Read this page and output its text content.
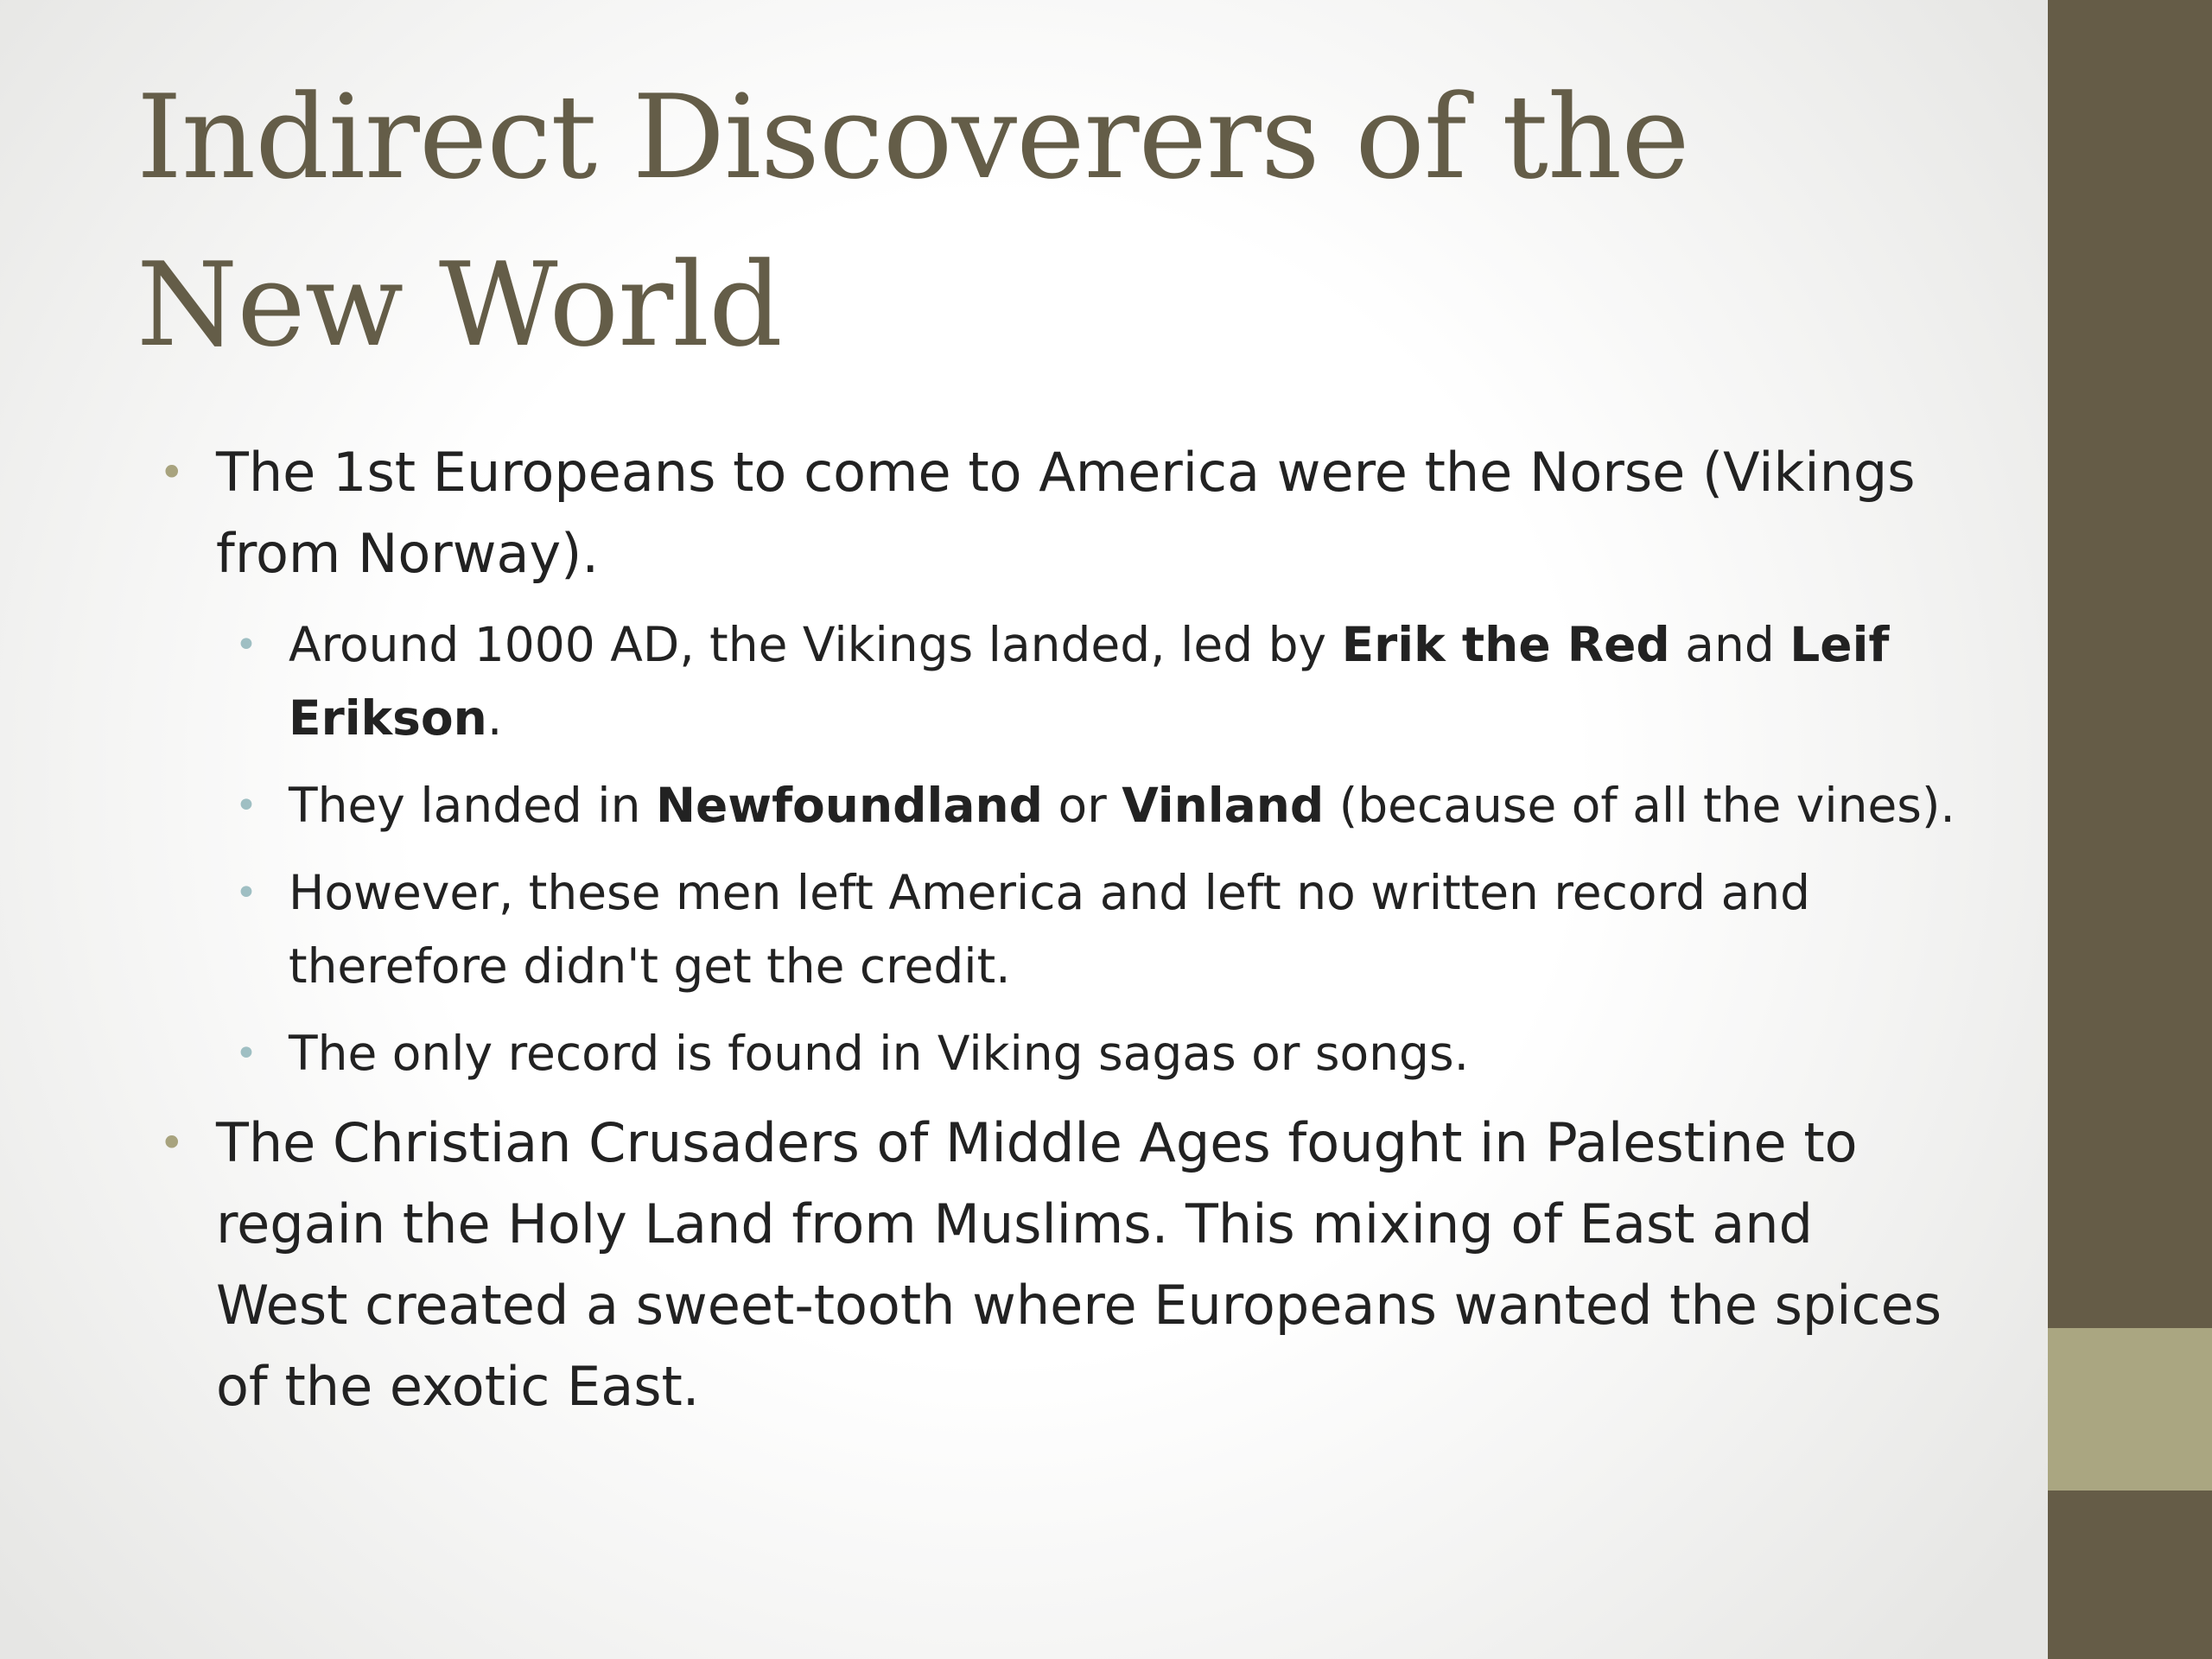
Indirect Discoverers of the New World
• The 1st Europeans to come to America were the Norse (Vikings from Norway).
• Around 1000 AD, the Vikings landed, led by Erik the Red and Leif Erikson.
• They landed in Newfoundland or Vinland (because of all the vines).
• However, these men left America and left no written record and therefore didn't get the credit.
• The only record is found in Viking sagas or songs.
• The Christian Crusaders of Middle Ages fought in Palestine to regain the Holy Land from Muslims. This mixing of East and West created a sweet-tooth where Europeans wanted the spices of the exotic East.
